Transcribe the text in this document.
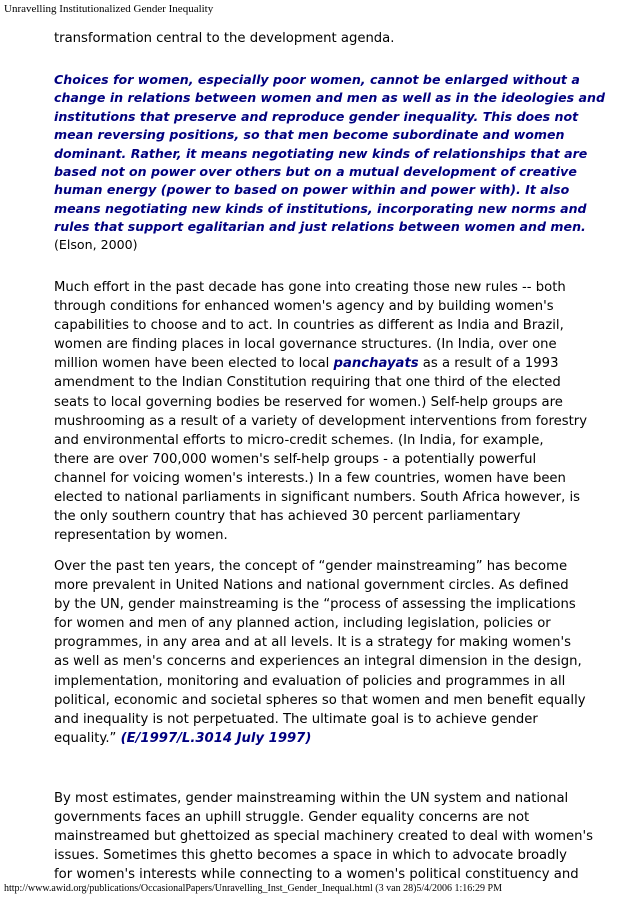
Unravelling Institutionalized Gender Inequality

transformation central to the development agenda.

Choices for women, especially poor women, cannot be enlarged without a
change in relations between women and men as well as in the ideologies and
institutions that preserve and reproduce gender inequality. This does not
mean reversing positions, so that men become subordinate and women
dominant. Rather, it means negotiating new kinds of relationships that are
based not on power over others but on a mutual development of creative
human energy (power to based on power within and power with). It also
means negotiating new kinds of institutions, incorporating new norms and
rules that support egalitarian and just relations between women and men.
(Elson, 2000)
Much effort in the past decade has gone into creating those new rules -- both
through conditions for enhanced women's agency and by building women's
capabilities to choose and to act. In countries as different as India and Brazil,
women are finding places in local governance structures. (In India, over one
million women have been elected to local panchayats as a result of a 1993
amendment to the Indian Constitution requiring that one third of the elected
seats to local governing bodies be reserved for women.) Self-help groups are
mushrooming as a result of a variety of development interventions from forestry
and environmental efforts to micro-credit schemes. (In India, for example,
there are over 700,000 women's self-help groups - a potentially powerful
channel for voicing women's interests.) In a few countries, women have been
elected to national parliaments in significant numbers. South Africa however, is
the only southern country that has achieved 30 percent parliamentary
representation by women.
Over the past ten years, the concept of “gender mainstreaming” has become
more prevalent in United Nations and national government circles. As defined
by the UN, gender mainstreaming is the “process of assessing the implications
for women and men of any planned action, including legislation, policies or
programmes, in any area and at all levels. It is a strategy for making women's
as well as men's concerns and experiences an integral dimension in the design,
implementation, monitoring and evaluation of policies and programmes in all
political, economic and societal spheres so that women and men benefit equally
and inequality is not perpetuated. The ultimate goal is to achieve gender
equality.” (E/1997/L.3014 July 1997)
By most estimates, gender mainstreaming within the UN system and national
governments faces an uphill struggle. Gender equality concerns are not
mainstreamed but ghettoized as special machinery created to deal with women's
issues. Sometimes this ghetto becomes a space in which to advocate broadly
for women's interests while connecting to a women's political constituency and
http://www.awid.org/publications/OccasionalPapers/Unravelling_Inst_Gender_Inequal.html (3 van 28)5/4/2006 1:16:29 PM
